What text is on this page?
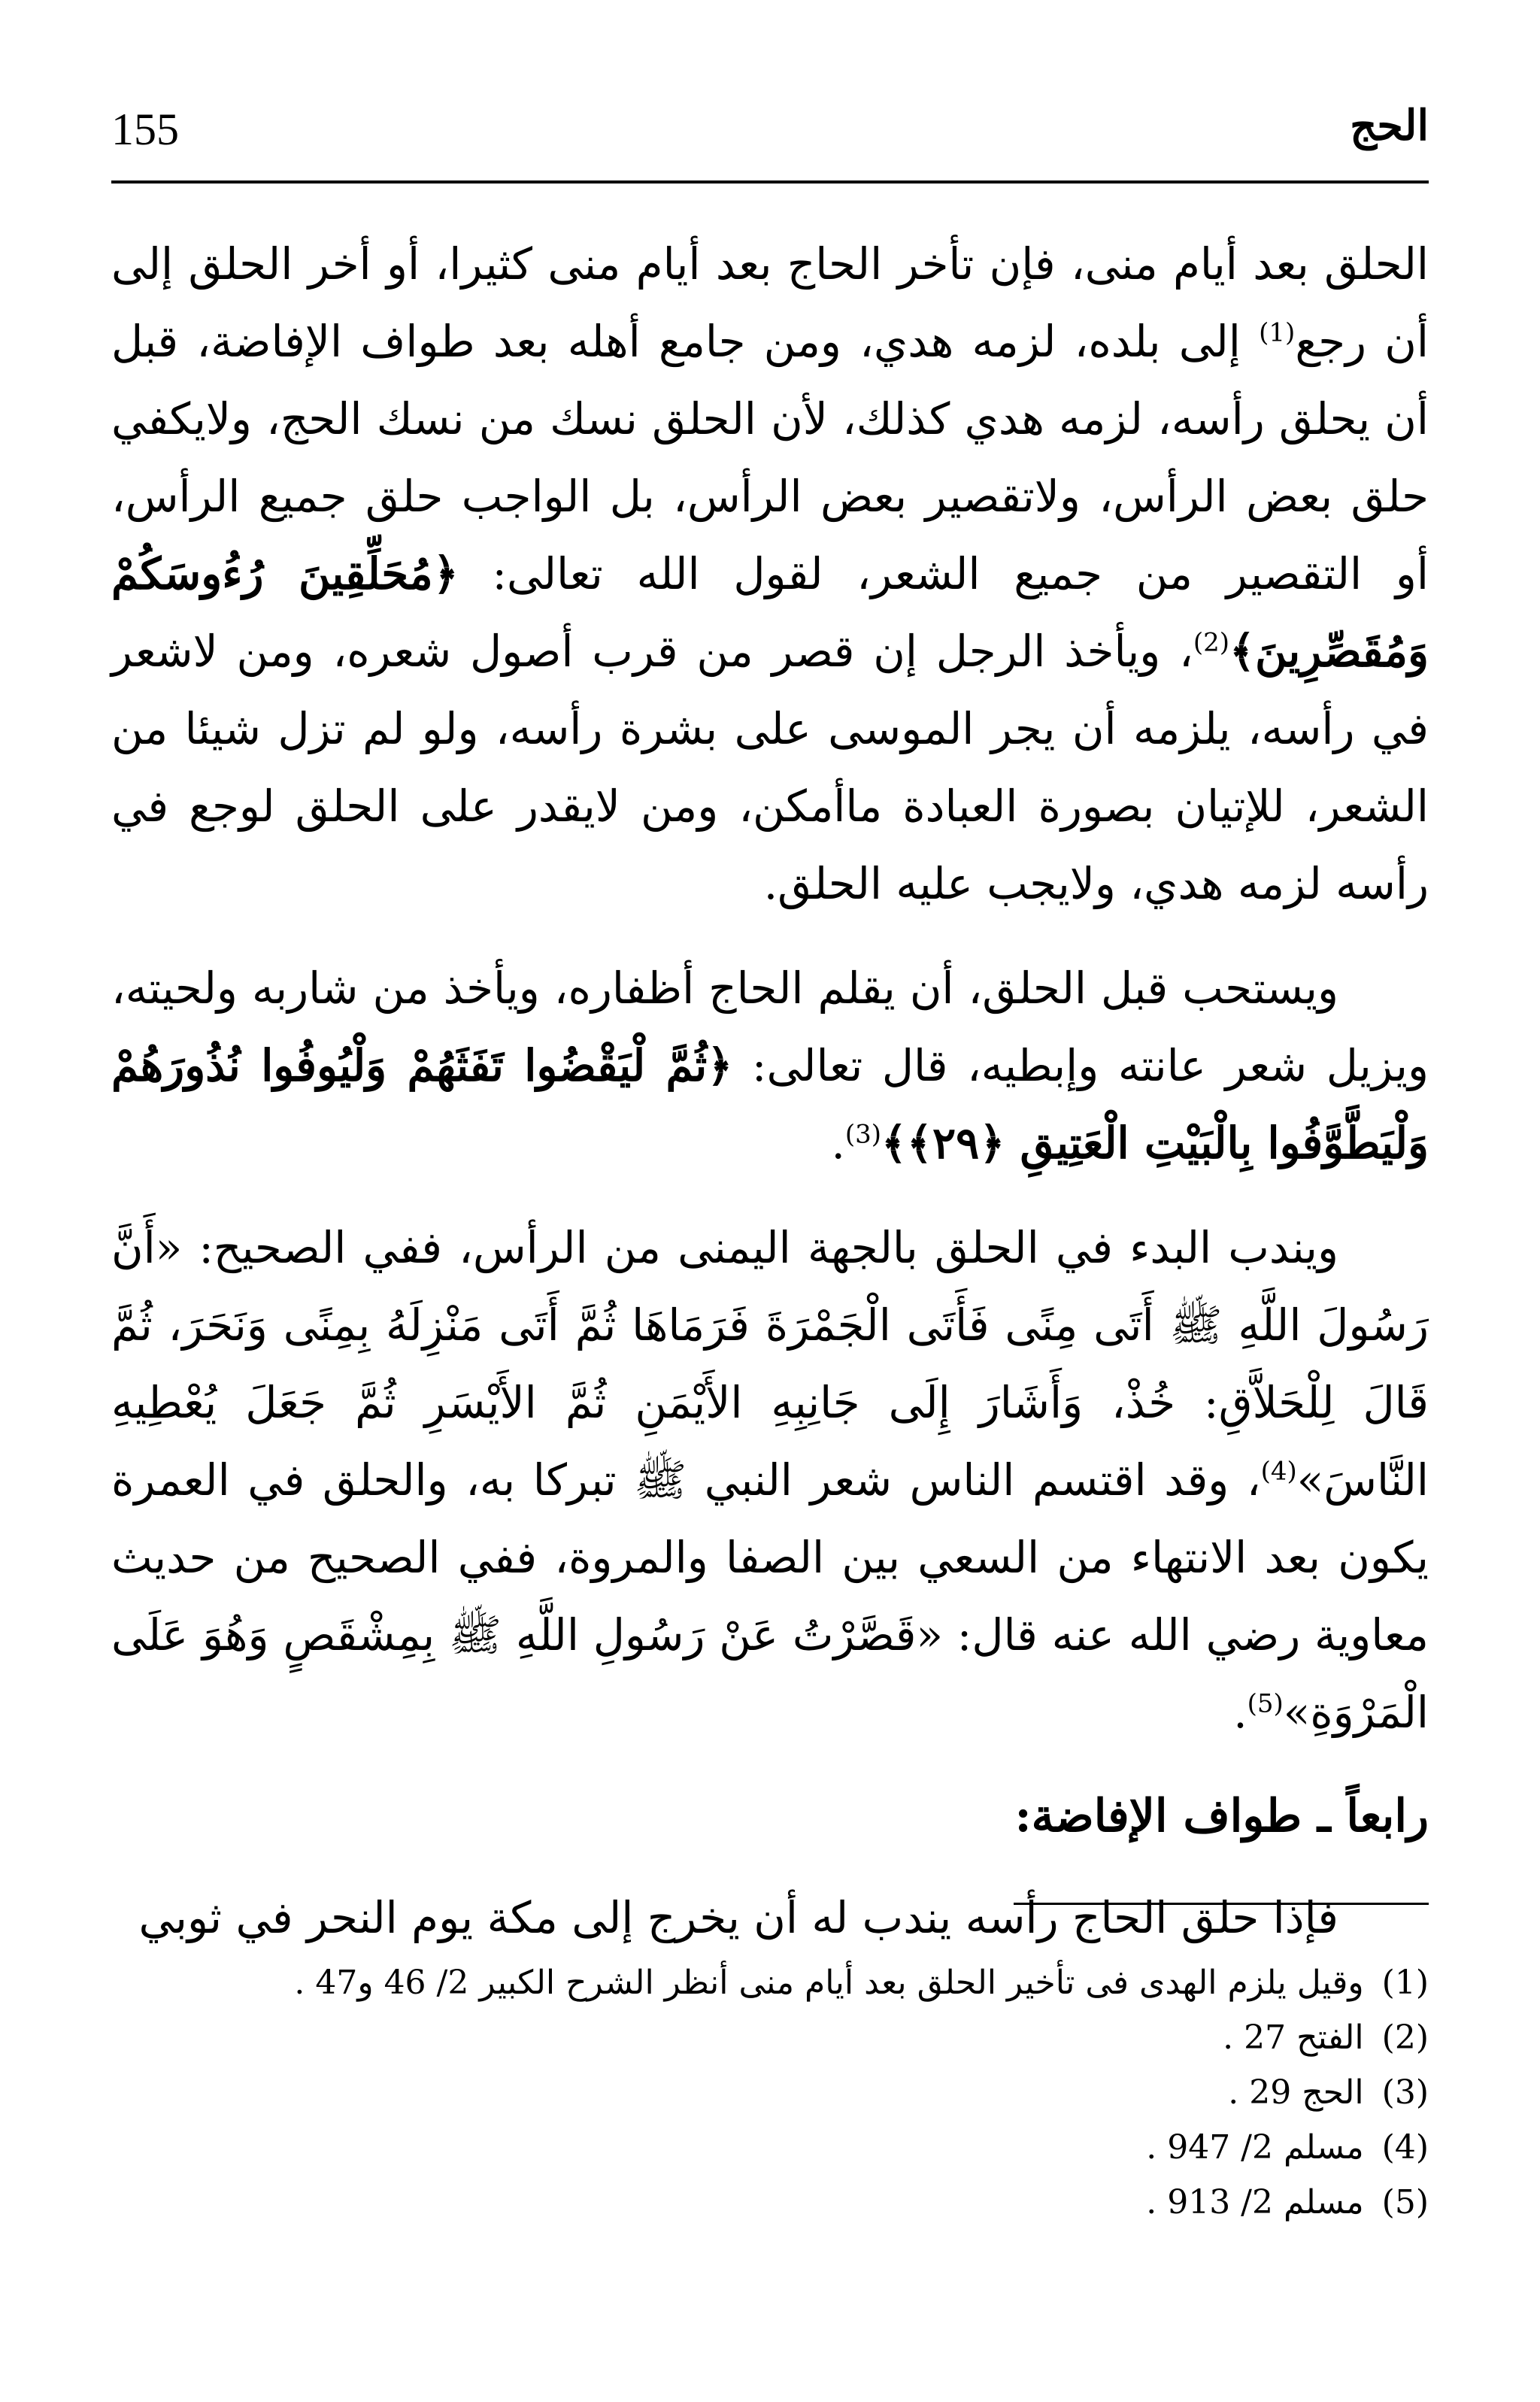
155	الحج

الحلق بعد أيام منى، فإن تأخر الحاج بعد أيام منى كثيرا، أو أخر الحلق إلى أن رجع$^{(1)}$ إلى بلده، لزمه هدي، ومن جامع أهله بعد طواف الإفاضة، قبل أن يحلق رأسه، لزمه هدي كذلك، لأن الحلق نسك من نسك الحج، ولايكفي حلق بعض الرأس، ولاتقصير بعض الرأس، بل الواجب حلق جميع الرأس، أو التقصير من جميع الشعر، لقول الله تعالى: ﴿مُحَلِّقِينَ رُءُوسَكُمْ وَمُقَصِّرِينَ﴾$^{(2)}$، ويأخذ الرجل إن قصر من قرب أصول شعره، ومن لاشعر في رأسه، يلزمه أن يجر الموسى على بشرة رأسه، ولو لم تزل شيئا من الشعر، للإتيان بصورة العبادة ماأمكن، ومن لايقدر على الحلق لوجع في رأسه لزمه هدي، ولايجب عليه الحلق.

ويستحب قبل الحلق، أن يقلم الحاج أظفاره، ويأخذ من شاربه ولحيته، ويزيل شعر عانته وإبطيه، قال تعالى: ﴿ثُمَّ لْيَقْضُوا تَفَثَهُمْ وَلْيُوفُوا نُذُورَهُمْ وَلْيَطَّوَّفُوا بِالْبَيْتِ الْعَتِيقِ ﴿٢٩﴾﴾$^{(3)}$.

ويندب البدء في الحلق بالجهة اليمنى من الرأس، ففي الصحيح: «أَنَّ رَسُولَ اللَّهِ ﷺ أَتَى مِنًى فَأَتَى الْجَمْرَةَ فَرَمَاهَا ثُمَّ أَتَى مَنْزِلَهُ بِمِنًى وَنَحَرَ، ثُمَّ قَالَ لِلْحَلاَّقِ: خُذْ، وَأَشَارَ إِلَى جَانِبِهِ الأَيْمَنِ ثُمَّ الأَيْسَرِ ثُمَّ جَعَلَ يُعْطِيهِ النَّاسَ»$^{(4)}$، وقد اقتسم الناس شعر النبي ﷺ تبركا به، والحلق في العمرة يكون بعد الانتهاء من السعي بين الصفا والمروة، ففي الصحيح من حديث معاوية رضي الله عنه قال: «قَصَّرْتُ عَنْ رَسُولِ اللَّهِ ﷺ بِمِشْقَصٍ وَهُوَ عَلَى الْمَرْوَةِ»$^{(5)}$.

رابعاً ـ طواف الإفاضة:

فإذا حلق الحاج رأسه يندب له أن يخرج إلى مكة يوم النحر في ثوبي

(1)
وقيل يلزم الهدى فى تأخير الحلق بعد أيام منى أنظر الشرح الكبير 2/ 46 و47 .

(2)
الفتح 27 .

(3)
الحج 29 .

(4)
مسلم 2/ 947 .

(5)
مسلم 2/ 913 .
